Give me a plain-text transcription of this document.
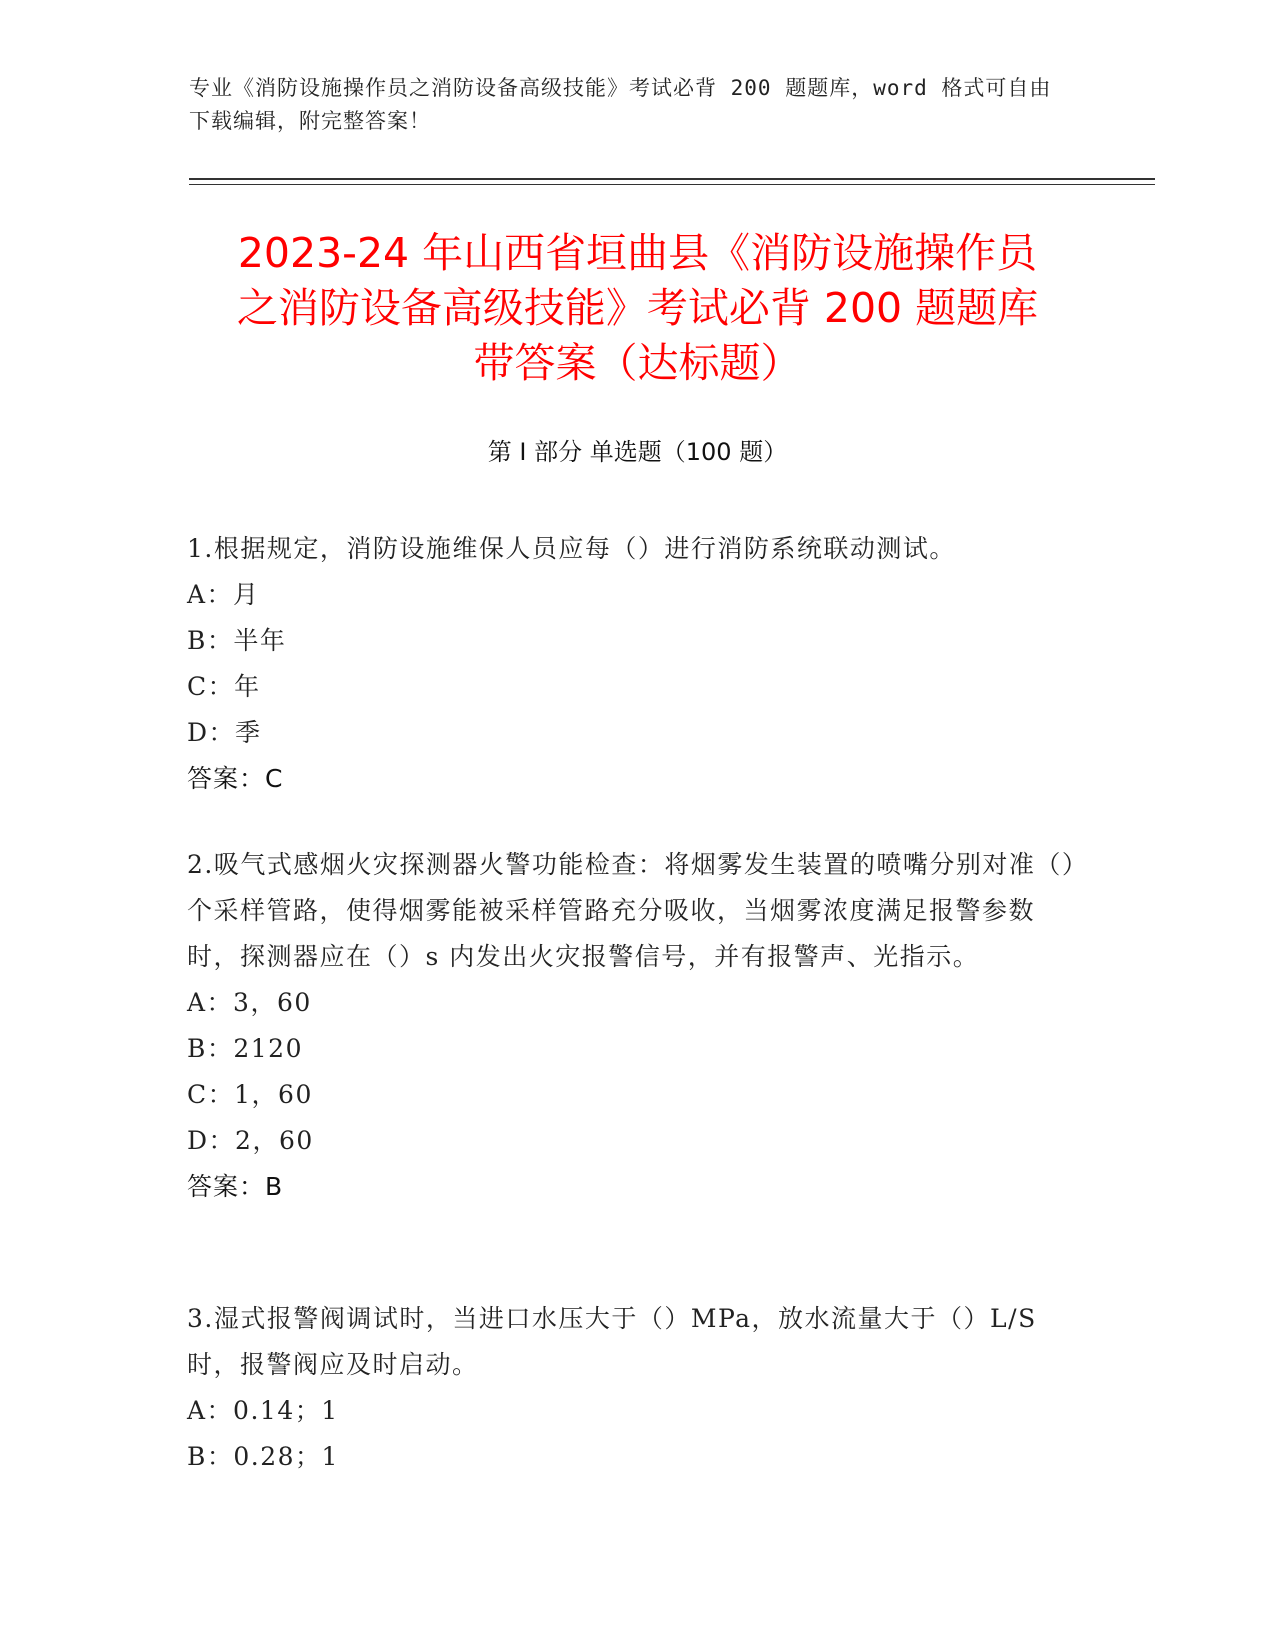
专业《消防设施操作员之消防设备高级技能》考试必背 200 题题库，word 格式可自由下载编辑，附完整答案！
2023-24 年山西省垣曲县《消防设施操作员
之消防设备高级技能》考试必背 200 题题库
带答案（达标题）
第 I 部分 单选题（100 题）

1.根据规定，消防设施维保人员应每（）进行消防系统联动测试。

A：月

B：半年

C：年

D：季

答案：C

2.吸气式感烟火灾探测器火警功能检查：将烟雾发生装置的喷嘴分别对准（）个采样管路，使得烟雾能被采样管路充分吸收，当烟雾浓度满足报警参数时，探测器应在（）s 内发出火灾报警信号，并有报警声、光指示。

A：3，60

B：2120

C：1，60

D：2，60

答案：B

3.湿式报警阀调试时，当进口水压大于（）MPa，放水流量大于（）L/S 时，报警阀应及时启动。

A：0.14；1

B：0.28；1
